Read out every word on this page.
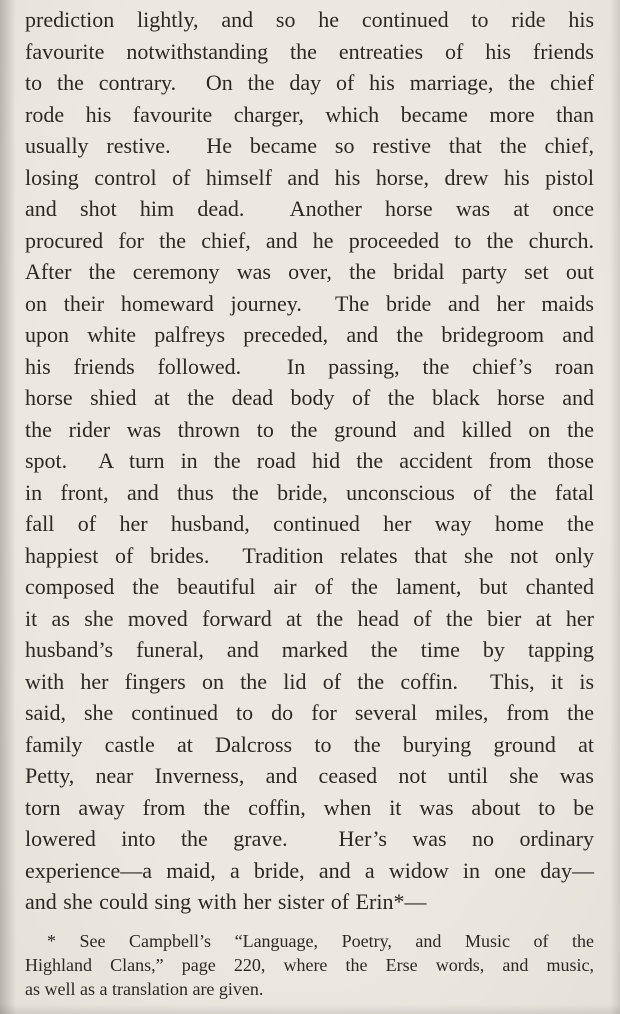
prediction lightly, and so he continued to ride his
favourite notwithstanding the entreaties of his friends
to the contrary.  On the day of his marriage, the chief
rode his favourite charger, which became more than
usually restive.  He became so restive that the chief,
losing control of himself and his horse, drew his pistol
and shot him dead.  Another horse was at once
procured for the chief, and he proceeded to the church.
After the ceremony was over, the bridal party set out
on their homeward journey.  The bride and her maids
upon white palfreys preceded, and the bridegroom and
his friends followed.  In passing, the chief’s roan
horse shied at the dead body of the black horse and
the rider was thrown to the ground and killed on the
spot.  A turn in the road hid the accident from those
in front, and thus the bride, unconscious of the fatal
fall of her husband, continued her way home the
happiest of brides.  Tradition relates that she not only
composed the beautiful air of the lament, but chanted
it as she moved forward at the head of the bier at her
husband’s funeral, and marked the time by tapping
with her fingers on the lid of the coffin.  This, it is
said, she continued to do for several miles, from the
family castle at Dalcross to the burying ground at
Petty, near Inverness, and ceased not until she was
torn away from the coffin, when it was about to be
lowered into the grave.  Her’s was no ordinary
experience—a maid, a bride, and a widow in one day—
and she could sing with her sister of Erin*—
* See Campbell’s “Language, Poetry, and Music of the
Highland Clans,” page 220, where the Erse words, and music,
as well as a translation are given.
